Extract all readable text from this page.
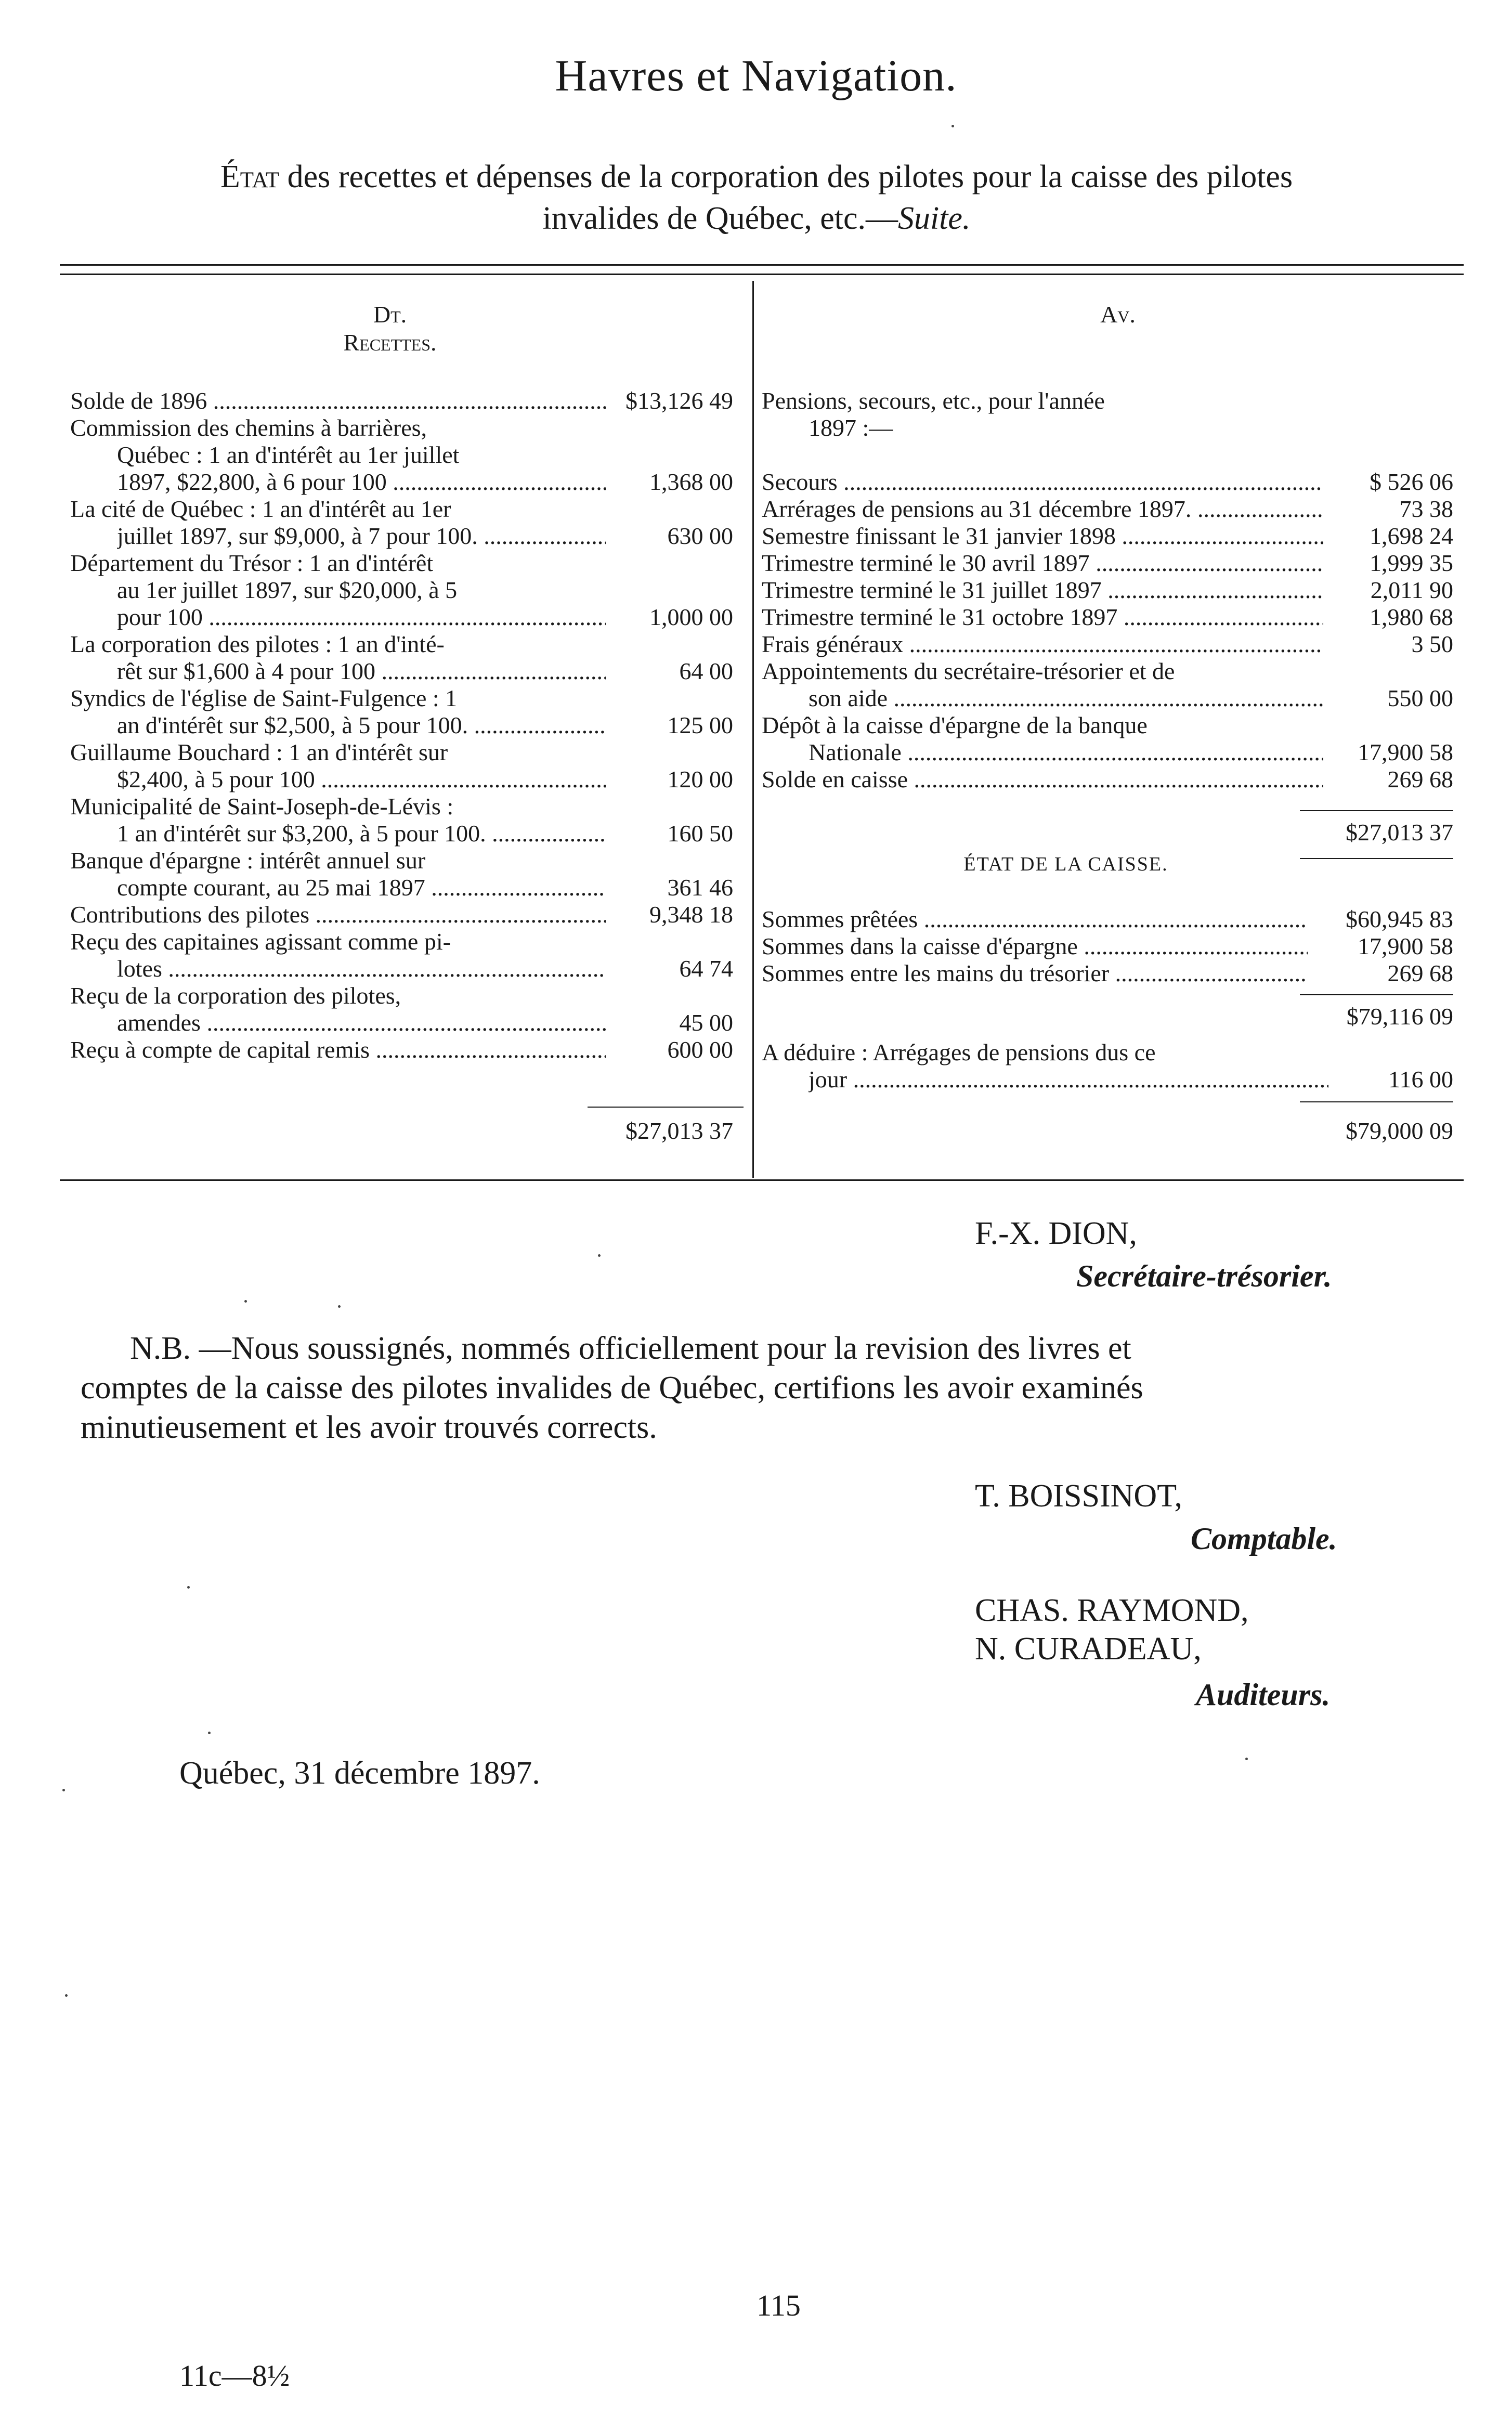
Havres et Navigation.
État des recettes et dépenses de la corporation des pilotes pour la caisse des pilotes
invalides de Québec, etc.—Suite.
Dt.
Recettes.
Solde de 1896 .....	$13,126 49
Commission des chemins à barrières,
Québec : 1 an d'intérêt au 1er juillet
1897, $22,800, à 6 pour 100 .....	1,368 00
La cité de Québec : 1 an d'intérêt au 1er
juillet 1897, sur $9,000, à 7 pour 100. .....	630 00
Département du Trésor : 1 an d'intérêt
au 1er juillet 1897, sur $20,000, à 5
pour 100 .....	1,000 00
La corporation des pilotes : 1 an d'inté-
rêt sur $1,600 à 4 pour 100 .....	64 00
Syndics de l'église de Saint-Fulgence : 1
an d'intérêt sur $2,500, à 5 pour 100. .....	125 00
Guillaume Bouchard : 1 an d'intérêt sur
$2,400, à 5 pour 100 .....	120 00
Municipalité de Saint-Joseph-de-Lévis :
1 an d'intérêt sur $3,200, à 5 pour 100. .....	160 50
Banque d'épargne : intérêt annuel sur
compte courant, au 25 mai 1897 .....	361 46
Contributions des pilotes .....	9,348 18
Reçu des capitaines agissant comme pi-
lotes .....	64 74
Reçu de la corporation des pilotes,
amendes .....	45 00
Reçu à compte de capital remis .....	600 00
$27,013 37
Av.
Pensions, secours, etc., pour l'année
1897 :—
Secours .....	$ 526 06
Arrérages de pensions au 31 décembre 1897. .....	73 38
Semestre finissant le 31 janvier 1898 .....	1,698 24
Trimestre terminé le 30 avril 1897 .....	1,999 35
Trimestre terminé le 31 juillet 1897 .....	2,011 90
Trimestre terminé le 31 octobre 1897 .....	1,980 68
Frais généraux .....	3 50
Appointements du secrétaire-trésorier et de
son aide .....	550 00
Dépôt à la caisse d'épargne de la banque
Nationale .....	17,900 58
Solde en caisse .....	269 68
$27,013 37
ÉTAT DE LA CAISSE.
Sommes prêtées .....	$60,945 83
Sommes dans la caisse d'épargne .....	17,900 58
Sommes entre les mains du trésorier .....	269 68
$79,116 09
A déduire : Arrégages de pensions dus ce
jour .....	116 00
$79,000 09
F.-X. DION,
Secrétaire-trésorier.
N.B. —Nous soussignés, nommés officiellement pour la revision des livres et
comptes de la caisse des pilotes invalides de Québec, certifions les avoir examinés
minutieusement et les avoir trouvés corrects.
T. BOISSINOT,
Comptable.
CHAS. RAYMOND,
N. CURADEAU,
Auditeurs.
Québec, 31 décembre 1897.
115
11c—8½
